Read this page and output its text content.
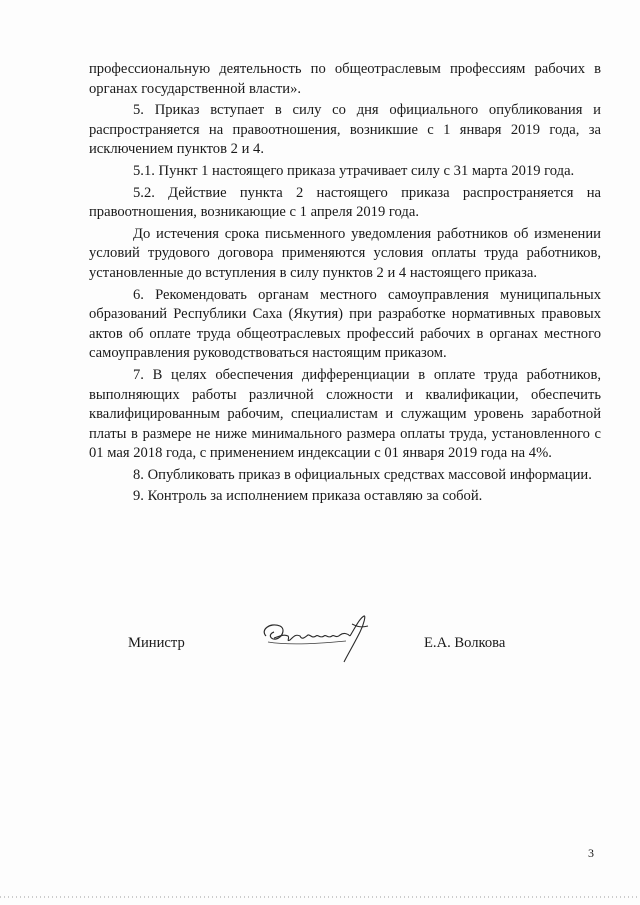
профессиональную деятельность по общеотраслевым профессиям рабочих в органах государственной власти».

5. Приказ вступает в силу со дня официального опубликования и распространяется на правоотношения, возникшие с 1 января 2019 года, за исключением пунктов 2 и 4.

5.1. Пункт 1 настоящего приказа утрачивает силу с 31 марта 2019 года.

5.2. Действие пункта 2 настоящего приказа распространяется на правоотношения, возникающие с 1 апреля 2019 года.

До истечения срока письменного уведомления работников об изменении условий трудового договора применяются условия оплаты труда работников, установленные до вступления в силу пунктов 2 и 4 настоящего приказа.

6. Рекомендовать органам местного самоуправления муниципальных образований Республики Саха (Якутия) при разработке нормативных правовых актов об оплате труда общеотраслевых профессий рабочих в органах местного самоуправления руководствоваться настоящим приказом.

7. В целях обеспечения дифференциации в оплате труда работников, выполняющих работы различной сложности и квалификации, обеспечить квалифицированным рабочим, специалистам и служащим уровень заработной платы в размере не ниже минимального размера оплаты труда, установленного с 01 мая 2018 года, с применением индексации с 01 января 2019 года на 4%.

8. Опубликовать приказ в официальных средствах массовой информации.

9. Контроль за исполнением приказа оставляю за собой.

Министр	Е.А. Волкова
3
